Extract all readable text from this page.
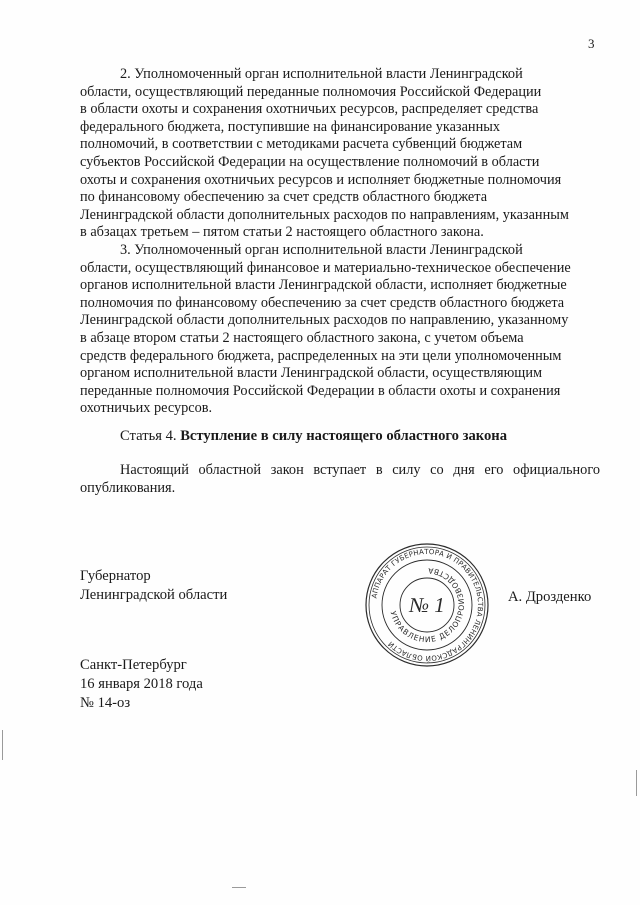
3

2. Уполномоченный орган исполнительной власти Ленинградской
области, осуществляющий переданные полномочия Российской Федерации
в области охоты и сохранения охотничьих ресурсов, распределяет средства
федерального бюджета, поступившие на финансирование указанных
полномочий, в соответствии с методиками расчета субвенций бюджетам
субъектов Российской Федерации на осуществление полномочий в области
охоты и сохранения охотничьих ресурсов и исполняет бюджетные полномочия
по финансовому обеспечению за счет средств областного бюджета
Ленинградской области дополнительных расходов по направлениям, указанным
в абзацах третьем – пятом статьи 2 настоящего областного закона.

3. Уполномоченный орган исполнительной власти Ленинградской
области, осуществляющий финансовое и материально-техническое обеспечение
органов исполнительной власти Ленинградской области, исполняет бюджетные
полномочия по финансовому обеспечению за счет средств областного бюджета
Ленинградской области дополнительных расходов по направлению, указанному
в абзаце втором статьи 2 настоящего областного закона, с учетом объема
средств федерального бюджета, распределенных на эти цели уполномоченным
органом исполнительной власти Ленинградской области, осуществляющим
переданные полномочия Российской Федерации в области охоты и сохранения
охотничьих ресурсов.

Статья 4. Вступление в силу настоящего областного закона

Настоящий областной закон вступает в силу со дня его официального опубликования.

Губернатор
Ленинградской области	АППАРАТ ГУБЕРНАТОРА И ПРАВИТЕЛЬСТВА ЛЕНИНГРАДСКОЙ ОБЛАСТИ
УПРАВЛЕНИЕ ДЕЛОПРОИЗВОДСТВА
№ 1	А. Дрозденко
Санкт-Петербург
16 января 2018 года
№ 14-оз
